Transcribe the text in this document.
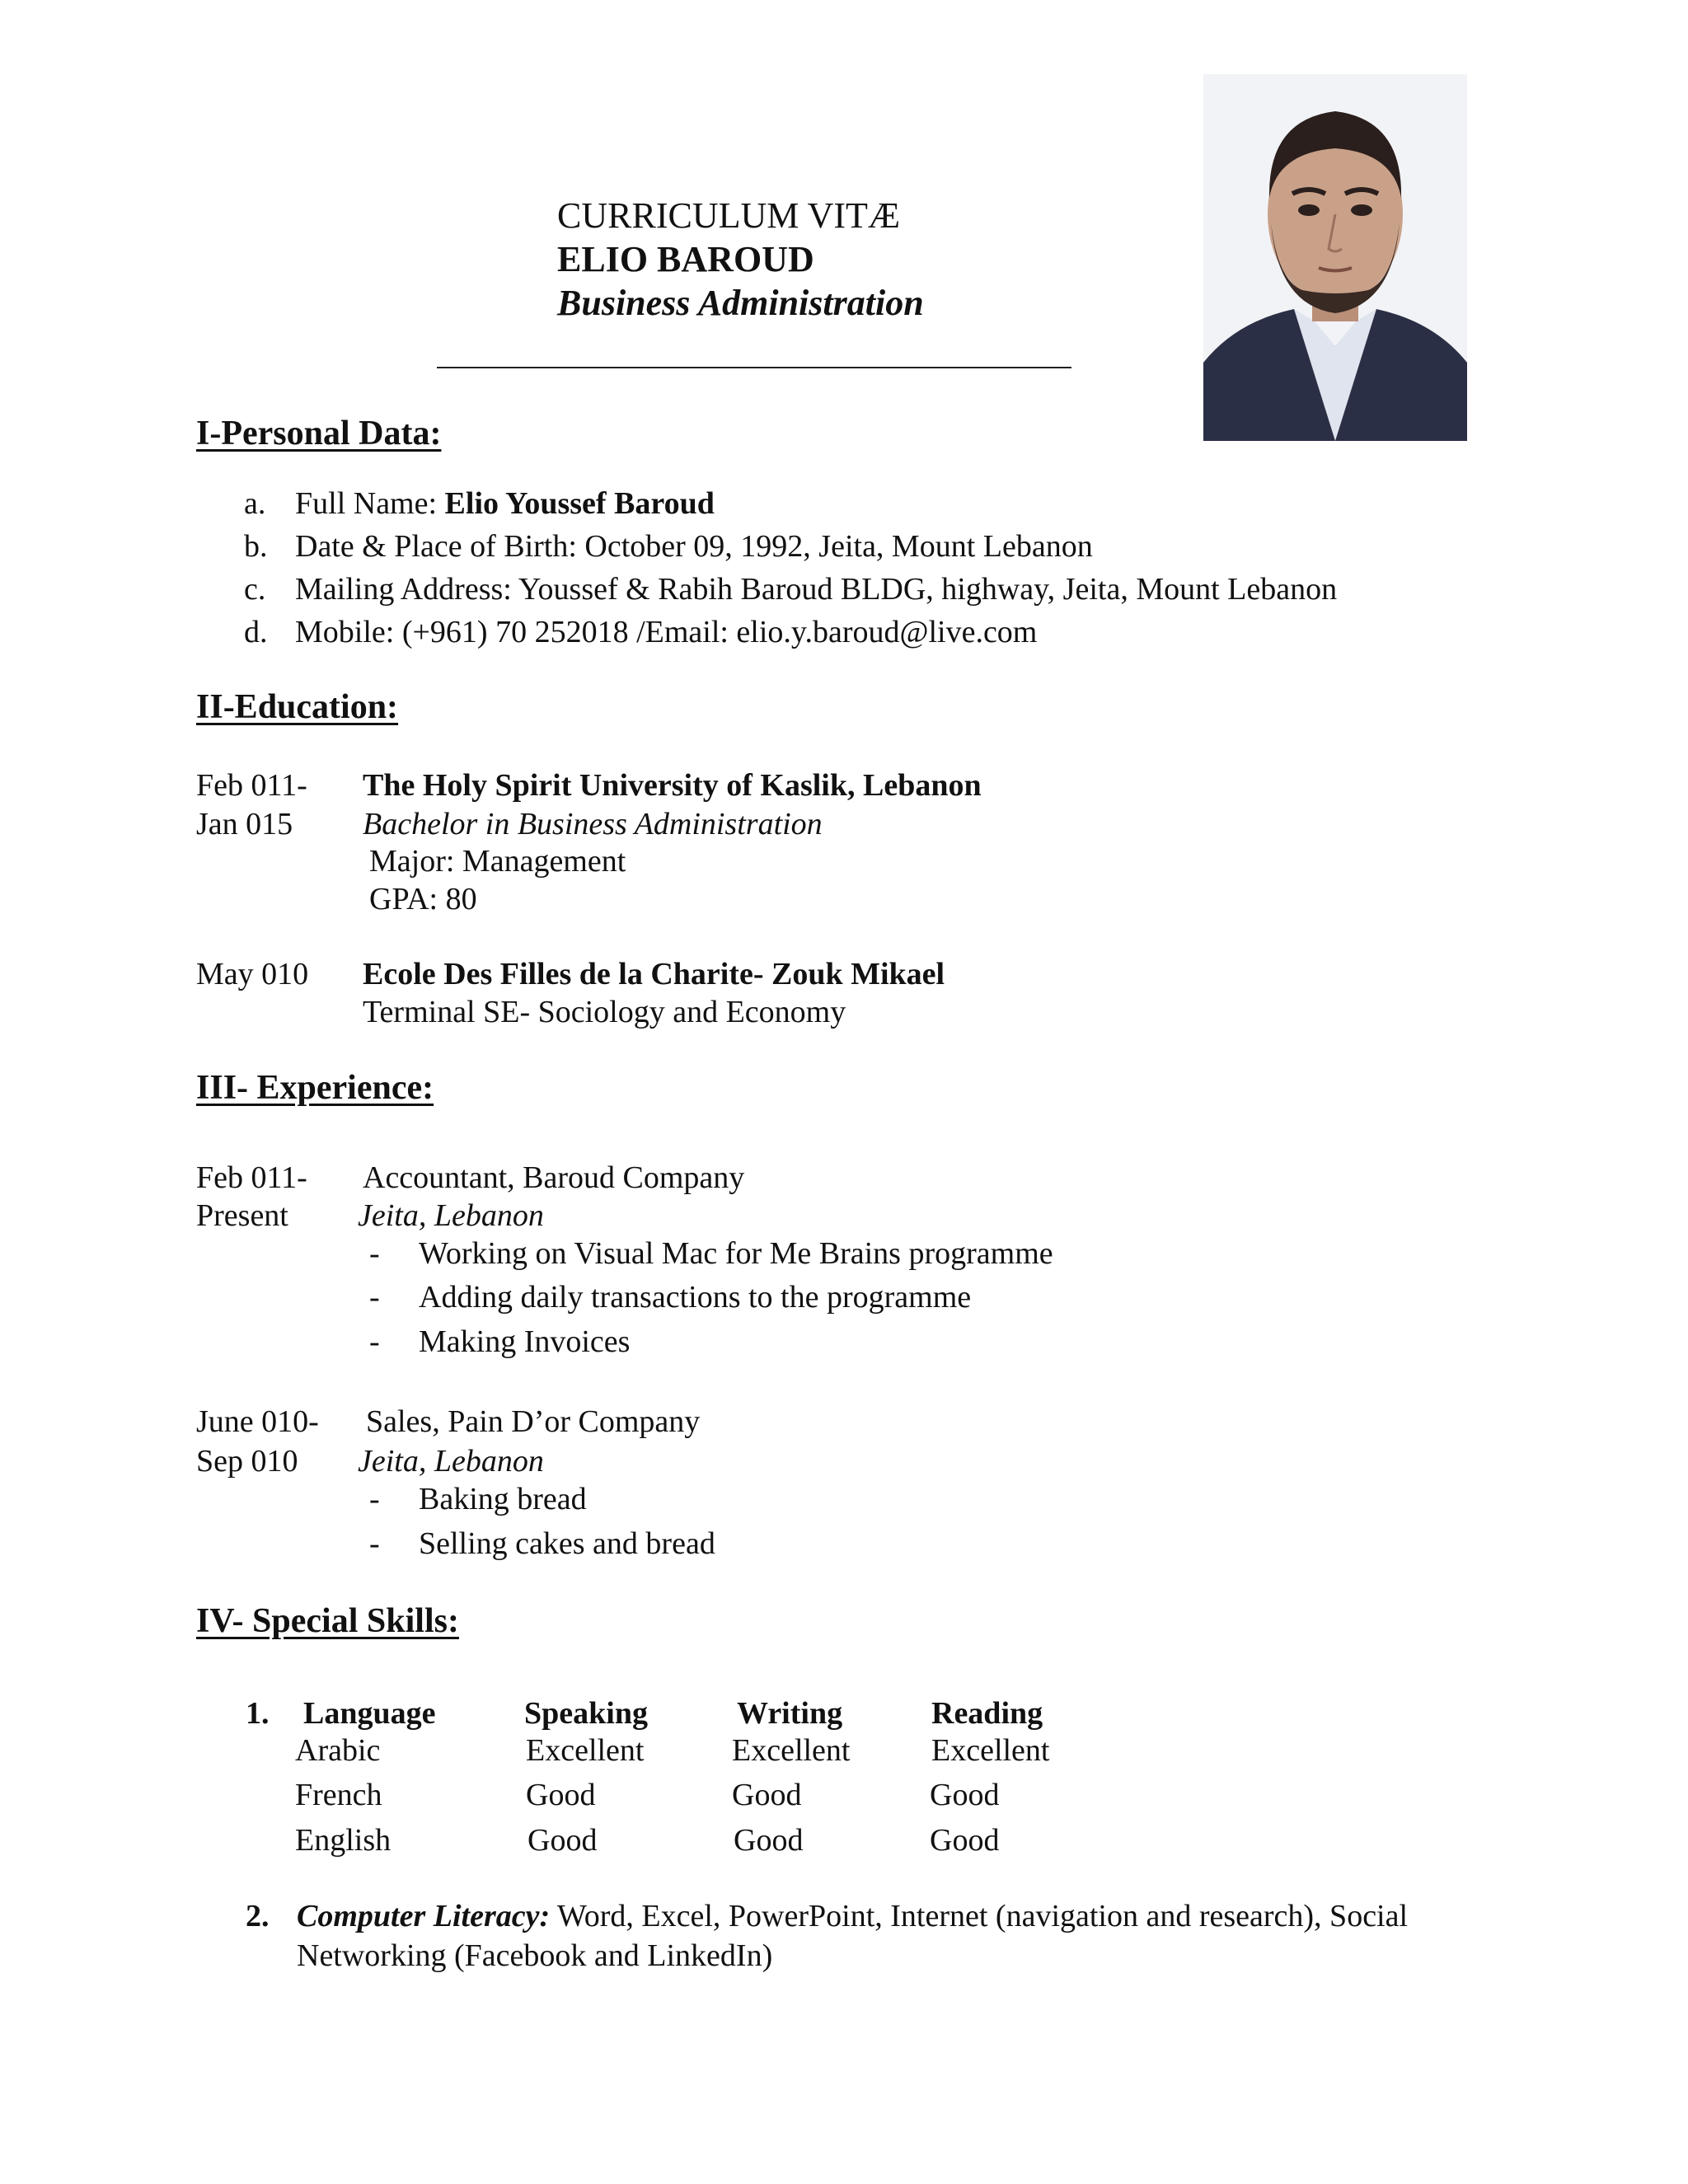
CURRICULUM VITÆ
ELIO BAROUD
Business Administration
I-Personal Data:
a. Full Name: Elio Youssef Baroud
b. Date & Place of Birth: October 09, 1992, Jeita, Mount Lebanon
c. Mailing Address: Youssef & Rabih Baroud BLDG, highway, Jeita, Mount Lebanon
d. Mobile: (+961) 70 252018 /Email: elio.y.baroud@live.com
II-Education:
Feb 011-
Jan 015
The Holy Spirit University of Kaslik, Lebanon
Bachelor in Business Administration
Major: Management
GPA: 80
May 010 Ecole Des Filles de la Charite- Zouk Mikael
Terminal SE- Sociology and Economy
III- Experience:
Feb 011-
Present
Accountant, Baroud Company
Jeita, Lebanon
- Working on Visual Mac for Me Brains programme
- Adding daily transactions to the programme
- Making Invoices
June 010-
Sep 010
Sales, Pain D’or Company
Jeita, Lebanon
- Baking bread
- Selling cakes and bread
IV- Special Skills:
1. Language	Speaking	Writing	Reading
Arabic	Excellent	Excellent	Excellent
French	Good	Good	Good
English	Good	Good	Good
2. Computer Literacy: Word, Excel, PowerPoint, Internet (navigation and research), Social
Networking (Facebook and LinkedIn)
